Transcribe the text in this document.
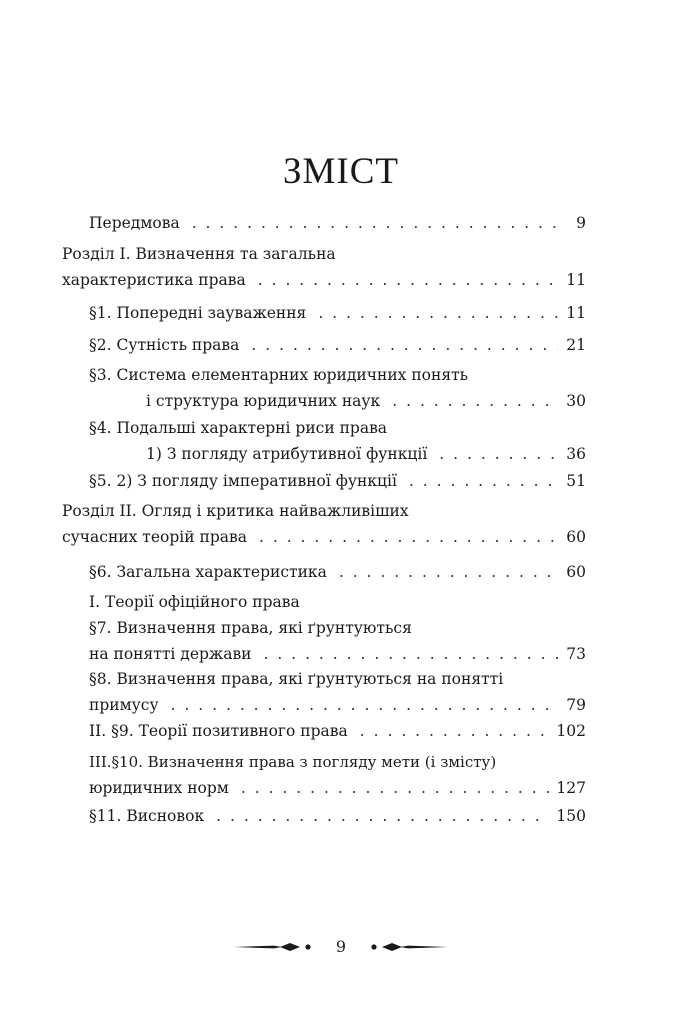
ЗМІСТ
Передмова . . .	9
Розділ I. Визначення та загальна
характеристика права . . .	11
§1. Попередні зауваження . . .	11
§2. Сутність права . . .	21
§3. Система елементарних юридичних понять
і структура юридичних наук . . .	30
§4. Подальші характерні риси права
1) З погляду атрибутивної функції . . .	36
§5. 2) З погляду імперативної функції . . .	51
Розділ II. Огляд і критика найважливіших
сучасних теорій права . . .	60
§6. Загальна характеристика . . .	60
I. Теорії офіційного права
§7. Визначення права, які ґрунтуються
на понятті держави . . .	73
§8. Визначення права, які ґрунтуються на понятті
примусу . . .	79
II. §9. Теорії позитивного права . . .	102
III.§10. Визначення права з погляду мети (і змісту)
юридичних норм . . .	127
§11. Висновок . . .	150
9
